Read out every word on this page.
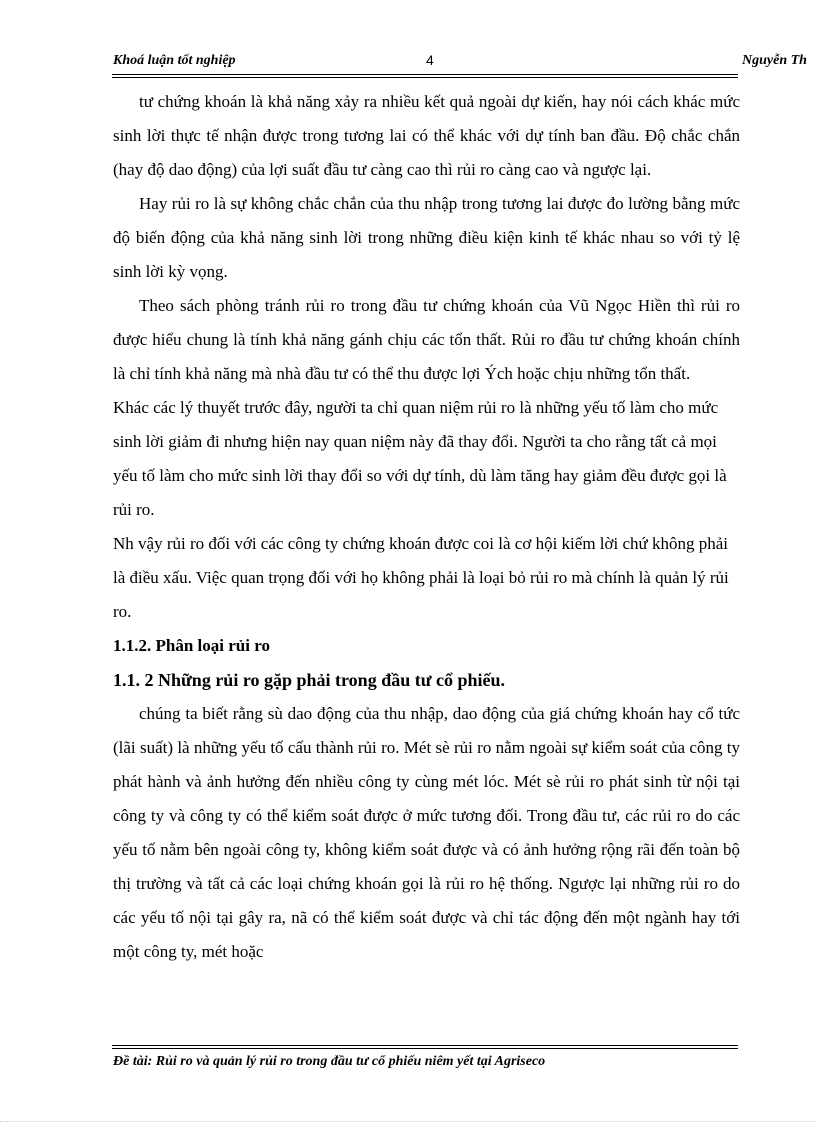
Khoá luận tốt nghiệp	4	Nguyễn Th

tư chứng khoán là khả năng xảy ra nhiều kết quả ngoài dự kiến, hay nói cách khác mức sinh lời thực tế nhận được trong tương lai có thể khác với dự tính ban đầu. Độ chắc chắn (hay độ dao động) của lợi suất đầu tư càng cao thì rủi ro càng cao và ngược lại.

Hay rủi ro là sự không chắc chắn của thu nhập trong tương lai được đo lường bằng mức độ biến động của khả năng sinh lời trong những điều kiện kinh tế khác nhau so với tỷ lệ sinh lời kỳ vọng.

Theo sách phòng tránh rủi ro trong đầu tư chứng khoán của Vũ Ngọc Hiền thì rủi ro được hiểu chung là tính khả năng gánh chịu các tổn thất. Rủi ro đầu tư chứng khoán chính là chỉ tính khả năng mà nhà đầu tư có thể thu được lợi Ých hoặc chịu những tổn thất.

Khác các lý thuyết trước đây, người ta chỉ quan niệm rủi ro là những yếu tố làm cho mức sinh lời giảm đi nhưng hiện nay quan niệm này đã thay đổi. Người ta cho rằng tất cả mọi yếu tố làm cho mức sinh lời thay đổi so với dự tính, dù làm tăng hay giảm đều được gọi là rủi ro.

Nh vậy rủi ro đối với các công ty chứng khoán được coi là cơ hội kiếm lời chứ không phải là điều xấu. Việc quan trọng đối với họ không phải là loại bỏ rủi ro mà chính là quản lý rủi ro.

1.1.2. Phân loại rủi ro

1.1. 2 Những rủi ro gặp phải trong đầu tư cổ phiếu.

chúng ta biết rằng sù dao động của thu nhập, dao động của giá chứng khoán hay cổ tức (lãi suất) là những yếu tố cấu thành rủi ro. Mét sè rủi ro nằm ngoài sự kiểm soát của công ty phát hành và ảnh hưởng đến nhiều công ty cùng mét lóc. Mét sè rủi ro phát sinh từ nội tại công ty và công ty có thể kiểm soát được ở mức tương đối. Trong đầu tư, các rủi ro do các yếu tố nằm bên ngoài công ty, không kiểm soát được và có ảnh hưởng rộng rãi đến toàn bộ thị trường và tất cả các loại chứng khoán gọi là rủi ro hệ thống. Ngược lại những rủi ro do các yếu tố nội tại gây ra, nã có thể kiểm soát được và chỉ tác động đến một ngành hay tới một công ty, mét hoặc

Đề tài: Rủi ro và quản lý rủi ro trong đầu tư cổ phiếu niêm yết tại Agriseco
